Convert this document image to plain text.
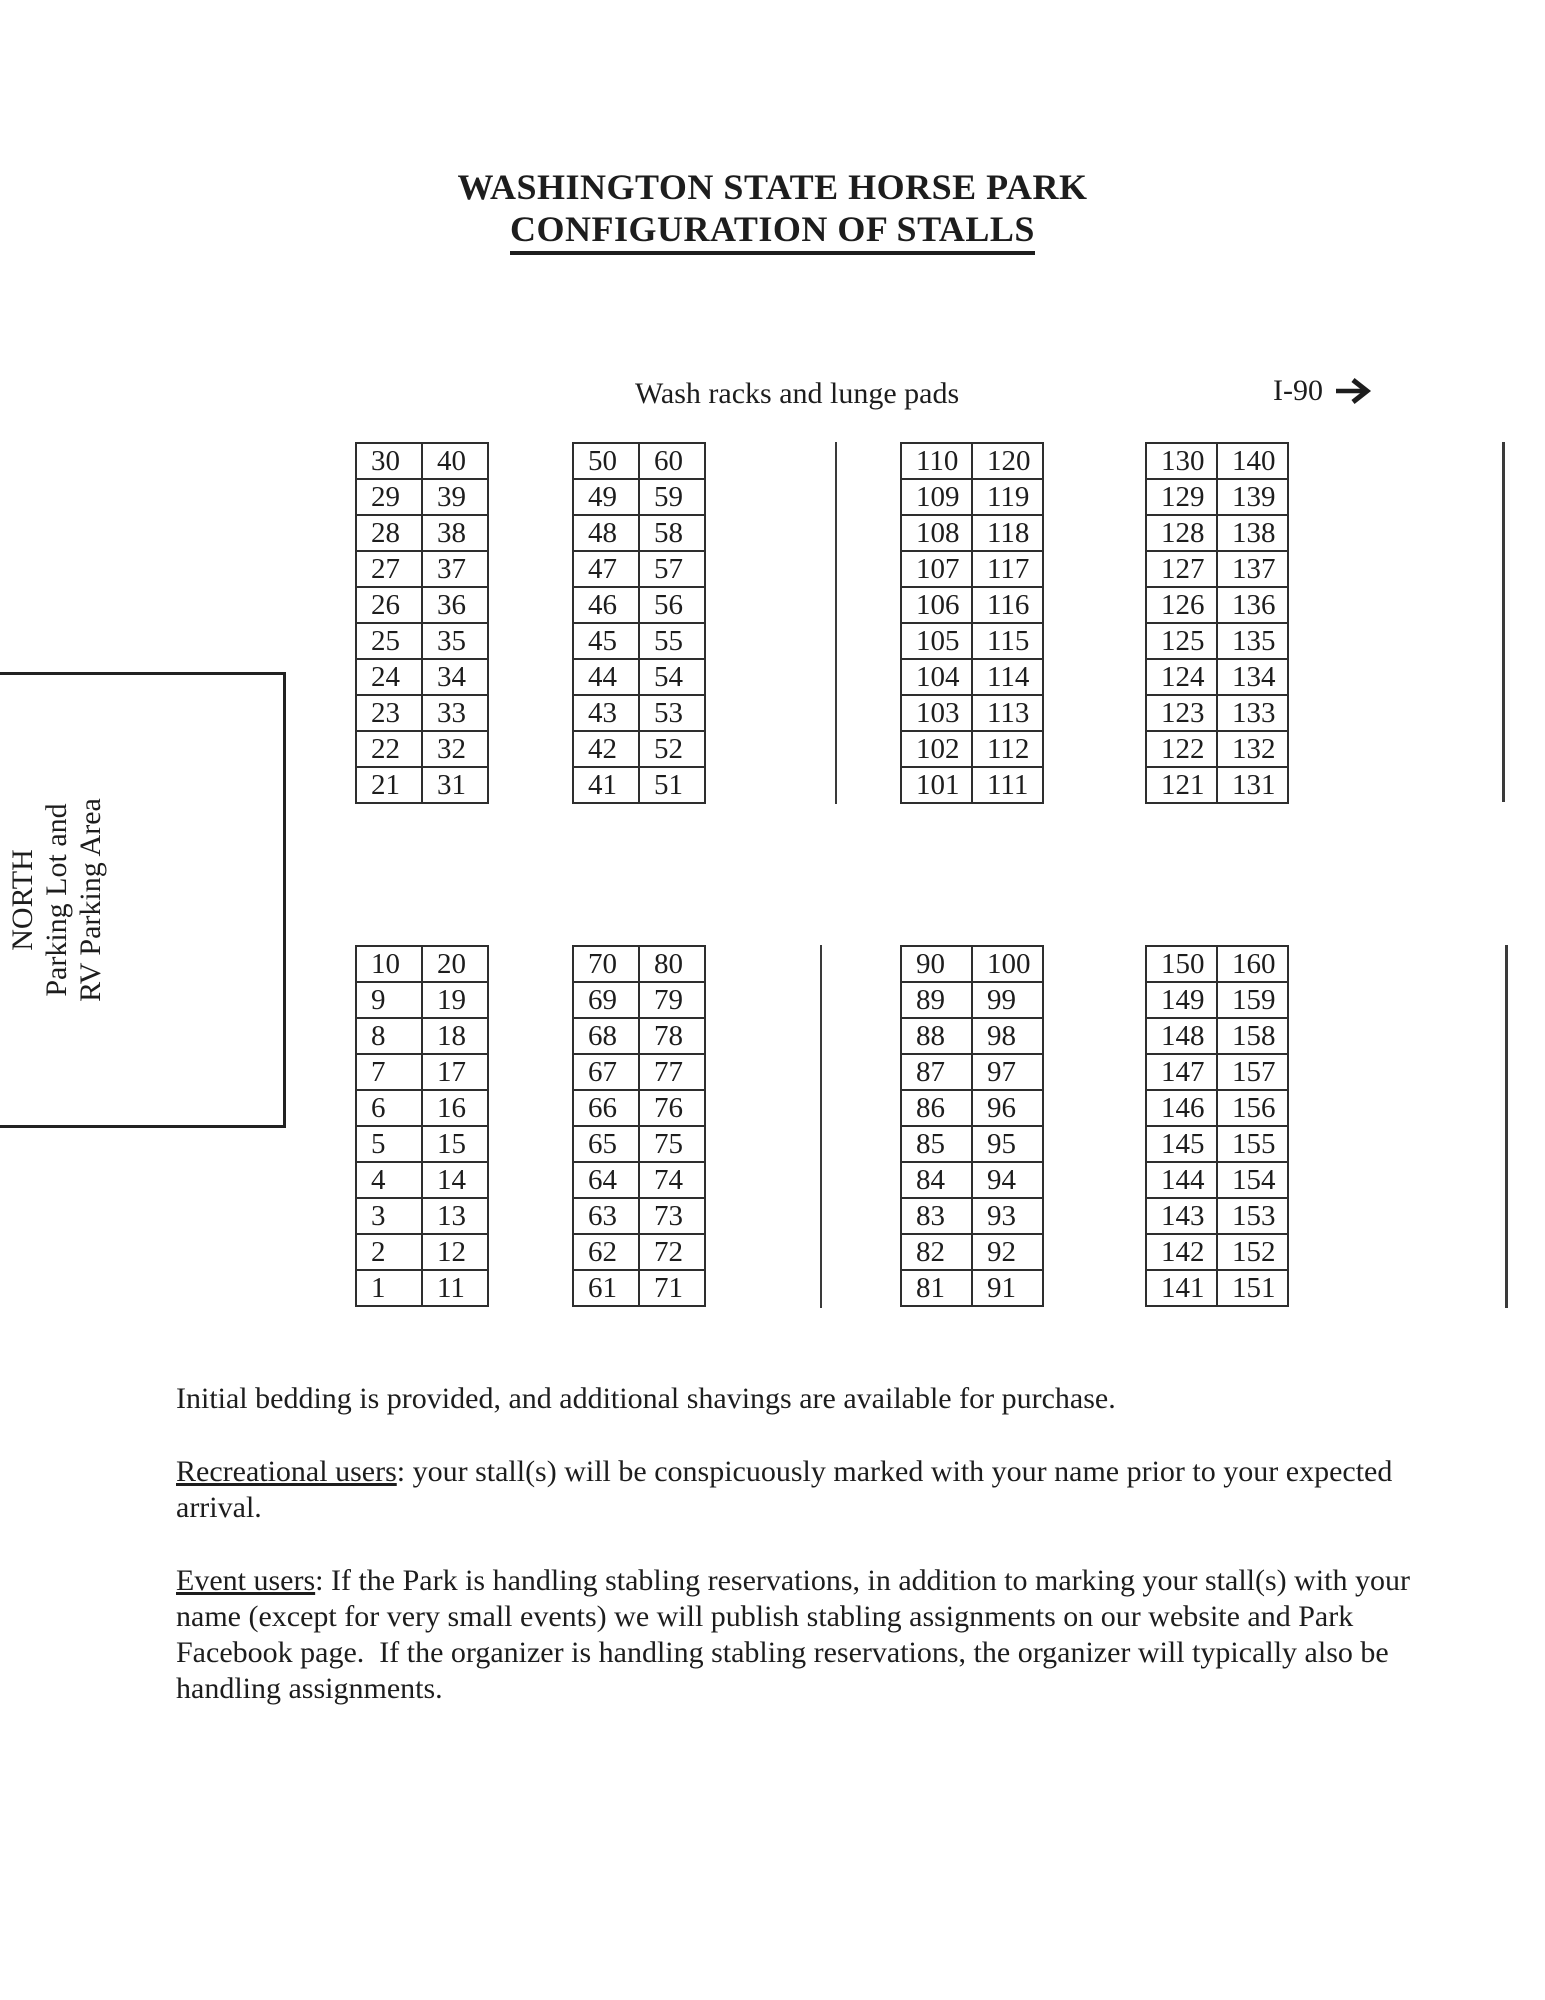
WASHINGTON STATE HORSE PARK
CONFIGURATION OF STALLS
Wash racks and lunge pads	I-90
NORTH Parking Lot and RV Parking Area
30	40
29	39
28	38
27	37
26	36
25	35
24	34
23	33
22	32
21	31
50	60
49	59
48	58
47	57
46	56
45	55
44	54
43	53
42	52
41	51
110	120
109	119
108	118
107	117
106	116
105	115
104	114
103	113
102	112
101	111
130	140
129	139
128	138
127	137
126	136
125	135
124	134
123	133
122	132
121	131
10	20
9	19
8	18
7	17
6	16
5	15
4	14
3	13
2	12
1	11
70	80
69	79
68	78
67	77
66	76
65	75
64	74
63	73
62	72
61	71
90	100
89	99
88	98
87	97
86	96
85	95
84	94
83	93
82	92
81	91
150	160
149	159
148	158
147	157
146	156
145	155
144	154
143	153
142	152
141	151

Initial bedding is provided, and additional shavings are available for purchase.

Recreational users: your stall(s) will be conspicuously marked with your name prior to your expected arrival.

Event users: If the Park is handling stabling reservations, in addition to marking your stall(s) with your name (except for very small events) we will publish stabling assignments on our website and Park Facebook page.  If the organizer is handling stabling reservations, the organizer will typically also be handling assignments.
